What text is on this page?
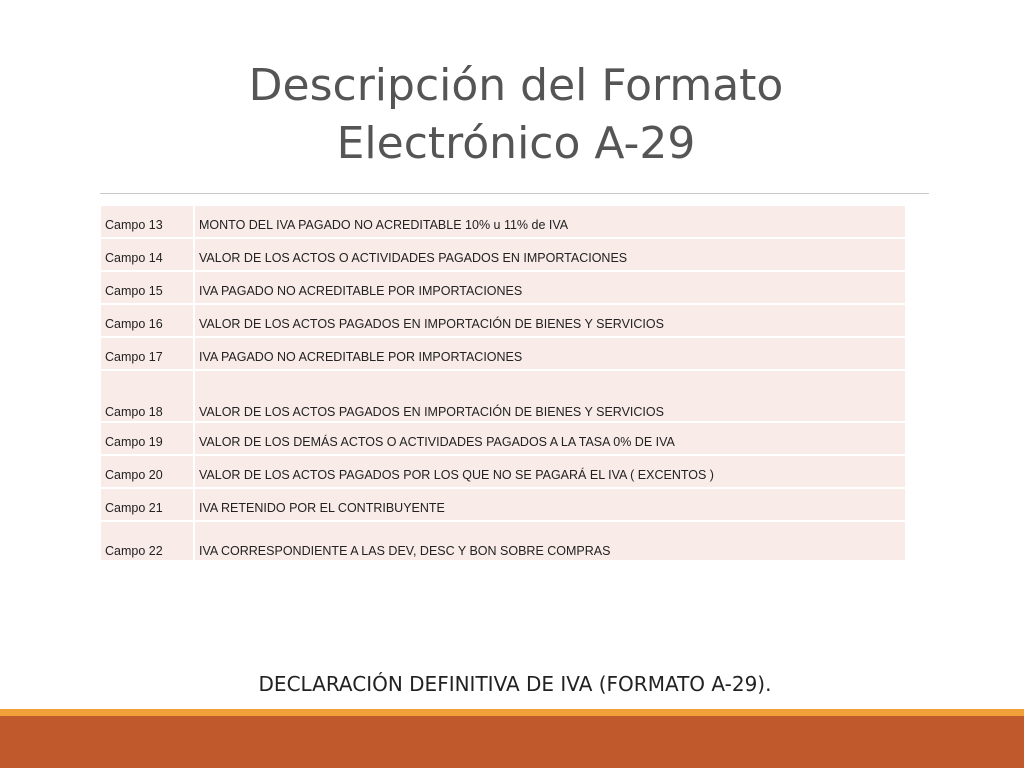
Descripción del Formato
Electrónico A-29
Campo 13	MONTO DEL IVA PAGADO NO ACREDITABLE 10% u 11% de IVA
Campo 14	VALOR DE LOS ACTOS O ACTIVIDADES PAGADOS EN IMPORTACIONES
Campo 15	IVA PAGADO NO ACREDITABLE POR IMPORTACIONES
Campo 16	VALOR DE LOS ACTOS PAGADOS EN IMPORTACIÓN DE BIENES Y SERVICIOS
Campo 17	IVA PAGADO NO ACREDITABLE POR IMPORTACIONES
Campo 18	VALOR DE LOS ACTOS PAGADOS EN IMPORTACIÓN DE BIENES Y SERVICIOS
Campo 19	VALOR DE LOS DEMÁS ACTOS O ACTIVIDADES PAGADOS A LA TASA 0% DE IVA
Campo 20	VALOR DE LOS ACTOS PAGADOS POR LOS QUE NO SE PAGARÁ EL IVA ( EXCENTOS )
Campo 21	IVA RETENIDO POR EL CONTRIBUYENTE
Campo 22	IVA CORRESPONDIENTE A LAS DEV, DESC Y BON SOBRE COMPRAS
DECLARACIÓN DEFINITIVA DE IVA (FORMATO A-29).
